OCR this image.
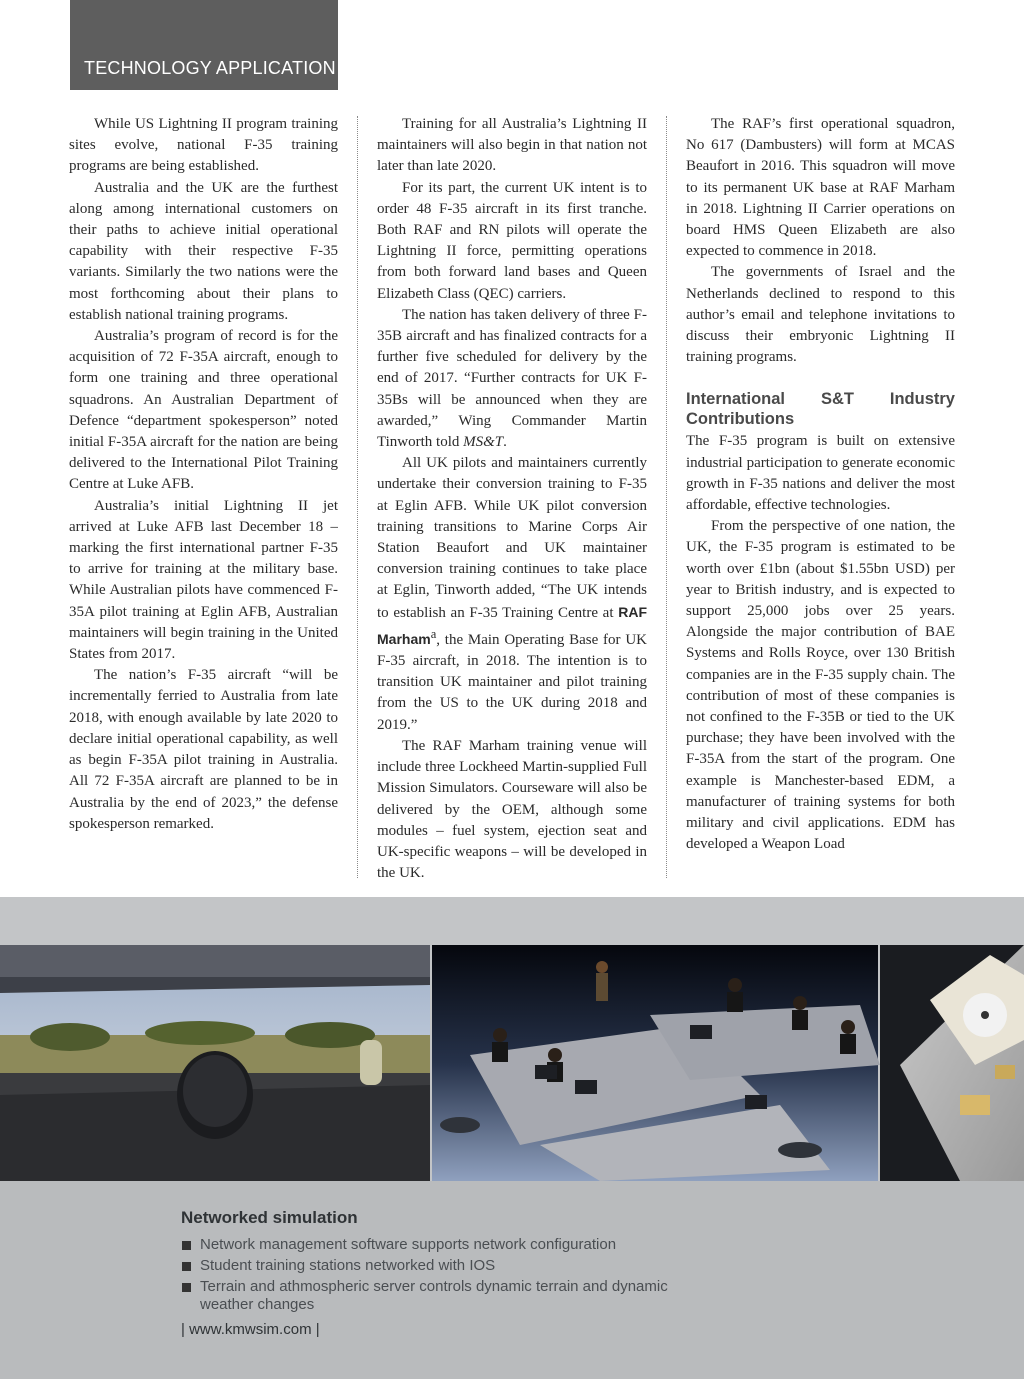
TECHNOLOGY APPLICATION

While US Lightning II program training sites evolve, national F-35 training programs are being established.

Australia and the UK are the furthest along among international customers on their paths to achieve initial operational capability with their respective F-35 variants. Similarly the two nations were the most forthcoming about their plans to establish national training programs.

Australia’s program of record is for the acquisition of 72 F-35A aircraft, enough to form one training and three operational squadrons. An Australian Department of Defence “department spokesperson” noted initial F-35A aircraft for the nation are being delivered to the International Pilot Training Centre at Luke AFB.

Australia’s initial Lightning II jet arrived at Luke AFB last December 18 – marking the first international partner F-35 to arrive for training at the military base. While Australian pilots have commenced F-35A pilot training at Eglin AFB, Australian maintainers will begin training in the United States from 2017.

The nation’s F-35 aircraft “will be incrementally ferried to Australia from late 2018, with enough available by late 2020 to declare initial operational capability, as well as begin F-35A pilot training in Australia. All 72 F-35A aircraft are planned to be in Australia by the end of 2023,” the defense spokesperson remarked.

Training for all Australia’s Lightning II maintainers will also begin in that nation not later than late 2020.

For its part, the current UK intent is to order 48 F-35 aircraft in its first tranche. Both RAF and RN pilots will operate the Lightning II force, permitting operations from both forward land bases and Queen Elizabeth Class (QEC) carriers.

The nation has taken delivery of three F-35B aircraft and has finalized contracts for a further five scheduled for delivery by the end of 2017. “Further contracts for UK F-35Bs will be announced when they are awarded,” Wing Commander Martin Tinworth told MS&T.

All UK pilots and maintainers currently undertake their conversion training to F-35 at Eglin AFB. While UK pilot conversion training transitions to Marine Corps Air Station Beaufort and UK maintainer conversion training continues to take place at Eglin, Tinworth added, “The UK intends to establish an F-35 Training Centre at RAF Marham$^a$, the Main Operating Base for UK F-35 aircraft, in 2018. The intention is to transition UK maintainer and pilot training from the US to the UK during 2018 and 2019.”

The RAF Marham training venue will include three Lockheed Martin-supplied Full Mission Simulators. Courseware will also be delivered by the OEM, although some modules – fuel system, ejection seat and UK-specific weapons – will be developed in the UK.

The RAF’s first operational squadron, No 617 (Dambusters) will form at MCAS Beaufort in 2016. This squadron will move to its permanent UK base at RAF Marham in 2018. Lightning II Carrier operations on board HMS Queen Elizabeth are also expected to commence in 2018.

The governments of Israel and the Netherlands declined to respond to this author’s email and telephone invitations to discuss their embryonic Lightning II training programs.

International S&T Industry Contributions

The F-35 program is built on extensive industrial participation to generate economic growth in F-35 nations and deliver the most affordable, effective technologies.

From the perspective of one nation, the UK, the F-35 program is estimated to be worth over £1bn (about $1.55bn USD) per year to British industry, and is expected to support 25,000 jobs over 25 years. Alongside the major contribution of BAE Systems and Rolls Royce, over 130 British companies are in the F-35 supply chain. The contribution of most of these companies is not confined to the F-35B or tied to the UK purchase; they have been involved with the F-35A from the start of the program. One example is Manchester-based EDM, a manufacturer of training systems for both military and civil applications. EDM has developed a Weapon Load

Networked simulation
Network management software supports network configuration
Student training stations networked with IOS
Terrain and athmospheric server controls dynamic terrain and dynamic weather changes
| www.kmwsim.com |
